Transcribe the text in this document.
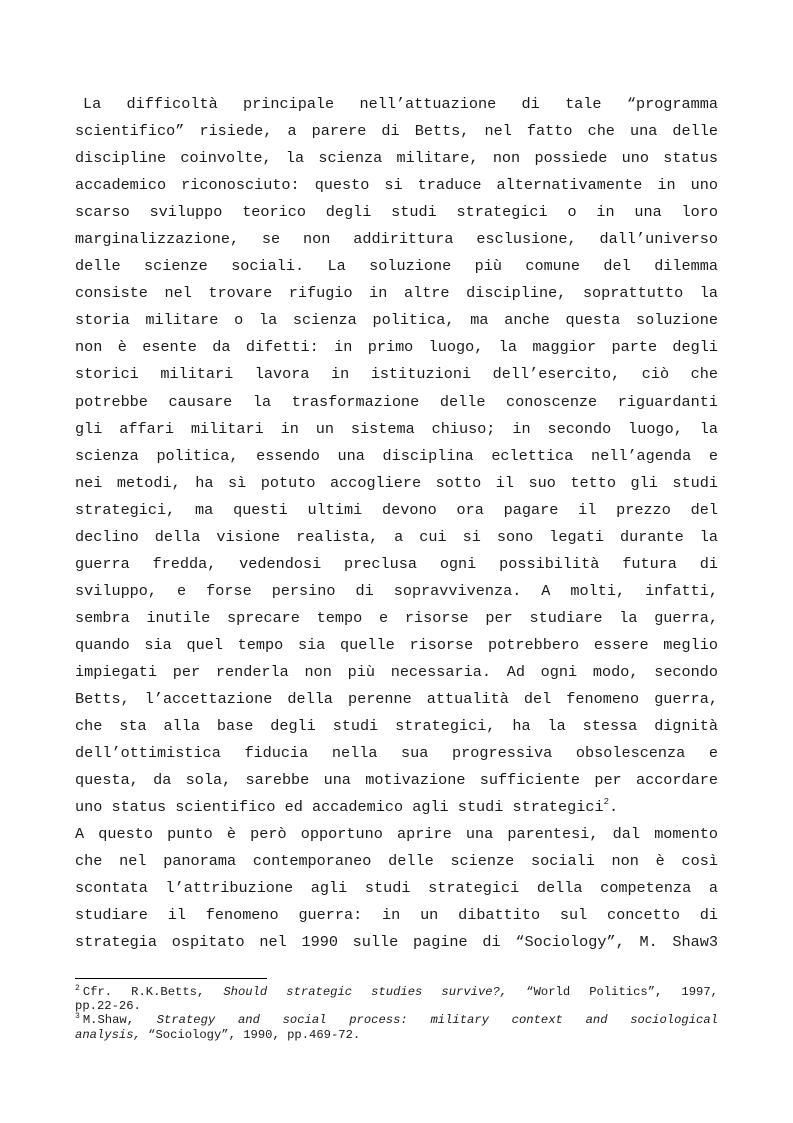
La difficoltà principale nell’attuazione di tale “programma
scientifico” risiede, a parere di Betts, nel fatto che una delle
discipline coinvolte, la scienza militare, non possiede uno status
accademico riconosciuto: questo si traduce alternativamente in uno
scarso sviluppo teorico degli studi strategici o in una loro
marginalizzazione, se non addirittura esclusione, dall’universo
delle scienze sociali. La soluzione più comune del dilemma
consiste nel trovare rifugio in altre discipline, soprattutto la
storia militare o la scienza politica, ma anche questa soluzione
non è esente da difetti: in primo luogo, la maggior parte degli
storici militari lavora in istituzioni dell’esercito, ciò che
potrebbe causare la trasformazione delle conoscenze riguardanti
gli affari militari in un sistema chiuso; in secondo luogo, la
scienza politica, essendo una disciplina eclettica nell’agenda e
nei metodi, ha sì potuto accogliere sotto il suo tetto gli studi
strategici, ma questi ultimi devono ora pagare il prezzo del
declino della visione realista, a cui si sono legati durante la
guerra fredda, vedendosi preclusa ogni possibilità futura di
sviluppo, e forse persino di sopravvivenza. A molti, infatti,
sembra inutile sprecare tempo e risorse per studiare la guerra,
quando sia quel tempo sia quelle risorse potrebbero essere meglio
impiegati per renderla non più necessaria. Ad ogni modo, secondo
Betts, l’accettazione della perenne attualità del fenomeno guerra,
che sta alla base degli studi strategici, ha la stessa dignità
dell’ottimistica fiducia nella sua progressiva obsolescenza e
questa, da sola, sarebbe una motivazione sufficiente per accordare
uno status scientifico ed accademico agli studi strategici$^2$.
A questo punto è però opportuno aprire una parentesi, dal momento
che nel panorama contemporaneo delle scienze sociali non è così
scontata l’attribuzione agli studi strategici della competenza a
studiare il fenomeno guerra: in un dibattito sul concetto di
strategia ospitato nel 1990 sulle pagine di “Sociology”, M. Shaw3
$^2$ Cfr. R.K.Betts, Should strategic studies survive?, “World Politics”, 1997,
pp.22-26.
$^3$ M.Shaw, Strategy and social process: military context and sociological
analysis, “Sociology”, 1990, pp.469-72.
